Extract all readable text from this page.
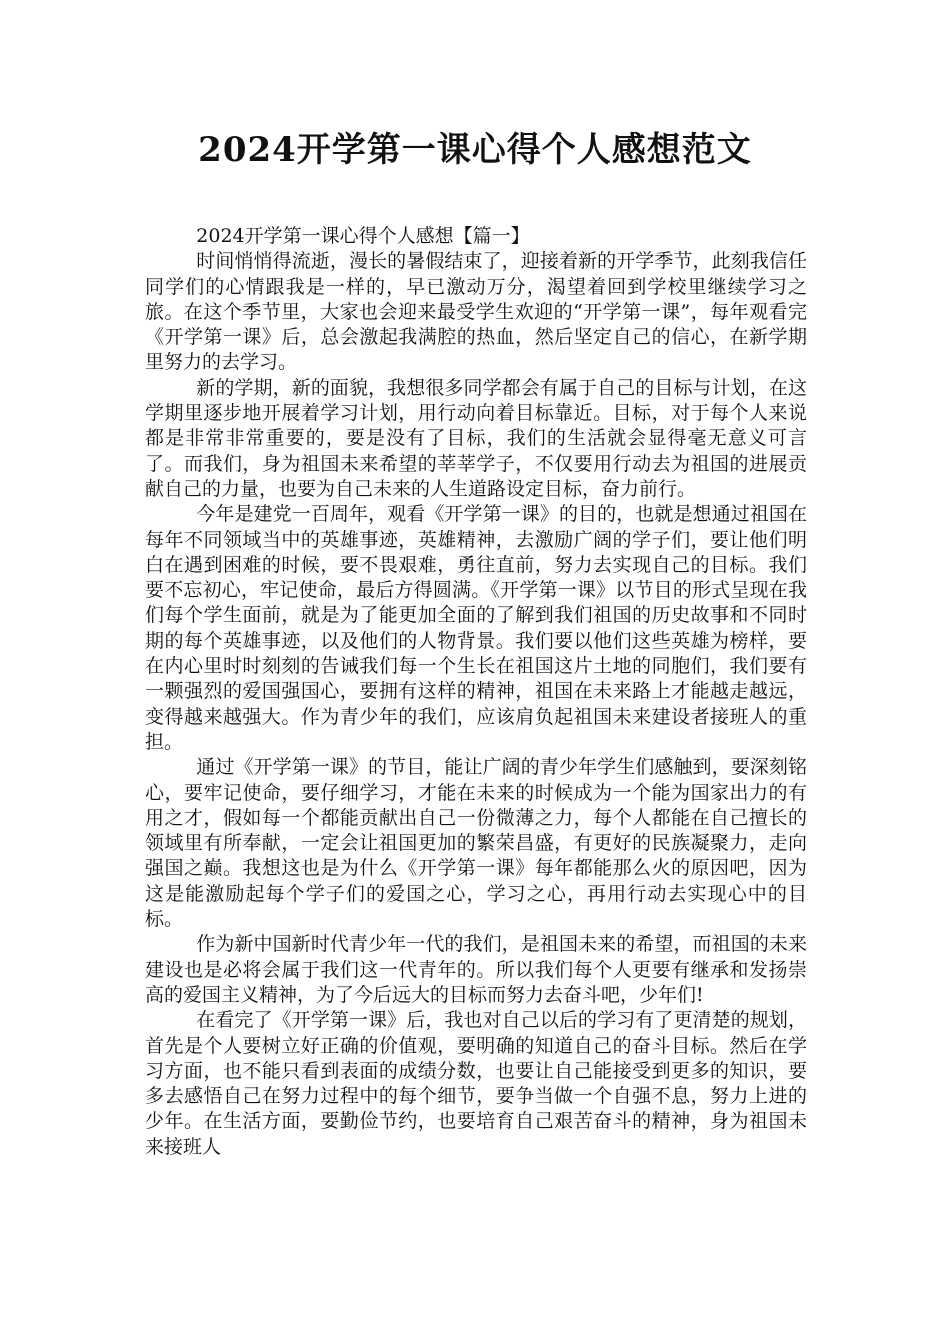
2024开学第一课心得个人感想范文

2024开学第一课心得个人感想【篇一】

时间悄悄得流逝，漫长的暑假结束了，迎接着新的开学季节，此刻我信任同学们的心情跟我是一样的，早已激动万分，渴望着回到学校里继续学习之旅。在这个季节里，大家也会迎来最受学生欢迎的“开学第一课”，每年观看完《开学第一课》后，总会激起我满腔的热血，然后坚定自己的信心，在新学期里努力的去学习。

新的学期，新的面貌，我想很多同学都会有属于自己的目标与计划，在这学期里逐步地开展着学习计划，用行动向着目标靠近。目标，对于每个人来说都是非常非常重要的，要是没有了目标，我们的生活就会显得毫无意义可言了。而我们，身为祖国未来希望的莘莘学子，不仅要用行动去为祖国的进展贡献自己的力量，也要为自己未来的人生道路设定目标，奋力前行。

今年是建党一百周年，观看《开学第一课》的目的，也就是想通过祖国在每年不同领域当中的英雄事迹，英雄精神，去激励广阔的学子们，要让他们明白在遇到困难的时候，要不畏艰难，勇往直前，努力去实现自己的目标。我们要不忘初心，牢记使命，最后方得圆满。《开学第一课》以节目的形式呈现在我们每个学生面前，就是为了能更加全面的了解到我们祖国的历史故事和不同时期的每个英雄事迹，以及他们的人物背景。我们要以他们这些英雄为榜样，要在内心里时时刻刻的告诫我们每一个生长在祖国这片土地的同胞们，我们要有一颗强烈的爱国强国心，要拥有这样的精神，祖国在未来路上才能越走越远，变得越来越强大。作为青少年的我们，应该肩负起祖国未来建设者接班人的重担。

通过《开学第一课》的节目，能让广阔的青少年学生们感触到，要深刻铭心，要牢记使命，要仔细学习，才能在未来的时候成为一个能为国家出力的有用之才，假如每一个都能贡献出自己一份微薄之力，每个人都能在自己擅长的领域里有所奉献，一定会让祖国更加的繁荣昌盛，有更好的民族凝聚力，走向强国之巅。我想这也是为什么《开学第一课》每年都能那么火的原因吧，因为这是能激励起每个学子们的爱国之心，学习之心，再用行动去实现心中的目标。

作为新中国新时代青少年一代的我们，是祖国未来的希望，而祖国的未来建设也是必将会属于我们这一代青年的。所以我们每个人更要有继承和发扬崇高的爱国主义精神，为了今后远大的目标而努力去奋斗吧，少年们!

在看完了《开学第一课》后，我也对自己以后的学习有了更清楚的规划，首先是个人要树立好正确的价值观，要明确的知道自己的奋斗目标。然后在学习方面，也不能只看到表面的成绩分数，也要让自己能接受到更多的知识，要多去感悟自己在努力过程中的每个细节，要争当做一个自强不息，努力上进的少年。在生活方面，要勤俭节约，也要培育自己艰苦奋斗的精神，身为祖国未来接班人
